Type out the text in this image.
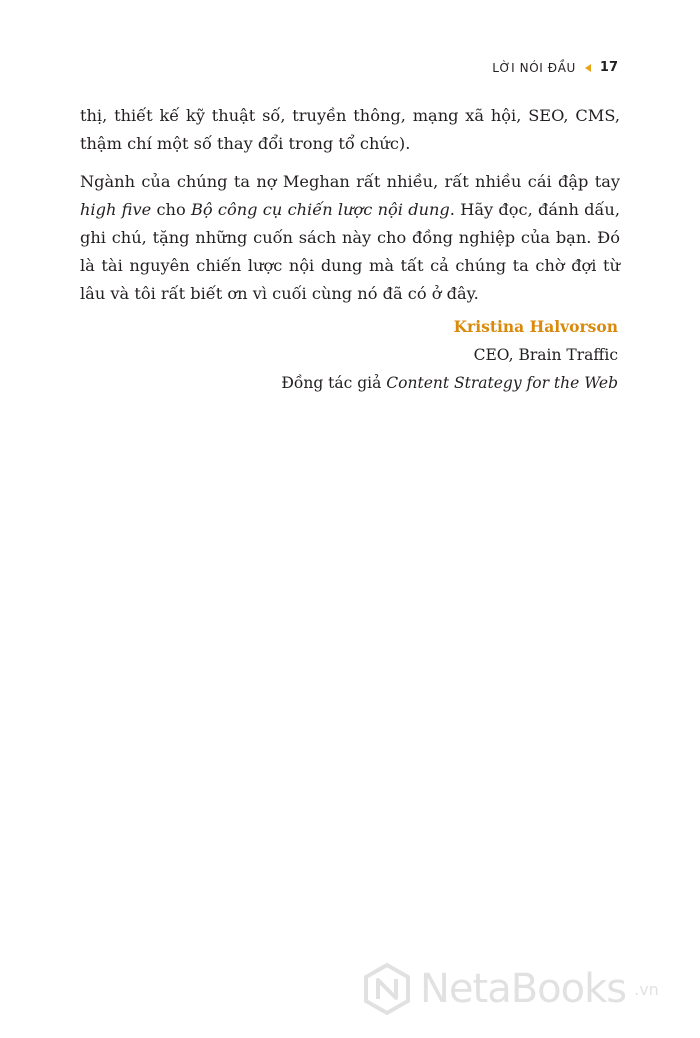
LỜI NÓI ĐẦU 17

thị, thiết kế kỹ thuật số, truyền thông, mạng xã hội, SEO, CMS, thậm chí một số thay đổi trong tổ chức).

Ngành của chúng ta nợ Meghan rất nhiều, rất nhiều cái đập tay high five cho Bộ công cụ chiến lược nội dung. Hãy đọc, đánh dấu, ghi chú, tặng những cuốn sách này cho đồng nghiệp của bạn. Đó là tài nguyên chiến lược nội dung mà tất cả chúng ta chờ đợi từ lâu và tôi rất biết ơn vì cuối cùng nó đã có ở đây.

Kristina Halvorson
CEO, Brain Traffic
Đồng tác giả Content Strategy for the Web
NetaBooks .vn
